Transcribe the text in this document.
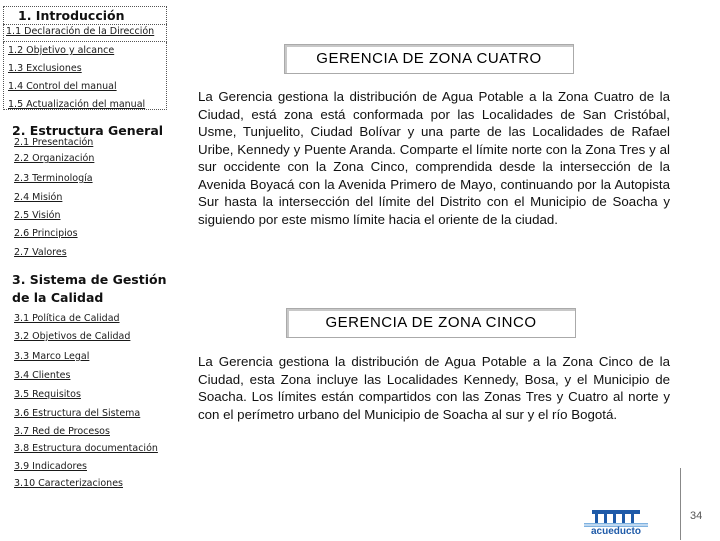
1. Introducción
1.1 Declaración de la Dirección
1.2 Objetivo y alcance
1.3 Exclusiones
1.4 Control del manual
1.5 Actualización del manual
2. Estructura General
2.1 Presentación
2.2 Organización
2.3 Terminología
2.4 Misión
2.5 Visión
2.6 Principios
2.7 Valores
3. Sistema de Gestión
de la Calidad
3.1 Política de Calidad
3.2 Objetivos de Calidad
3.3 Marco Legal
3.4 Clientes
3.5 Requisitos
3.6 Estructura del Sistema
3.7 Red de Procesos
3.8 Estructura documentación
3.9 Indicadores
3.10 Caracterizaciones
GERENCIA DE ZONA CUATRO
La Gerencia gestiona la distribución de Agua Potable a la Zona Cuatro de la Ciudad, está zona está conformada por las Localidades de San Cristóbal, Usme, Tunjuelito, Ciudad Bolívar y una parte de las Localidades de Rafael Uribe, Kennedy y Puente Aranda. Comparte el límite norte con la Zona Tres y al sur occidente con la Zona Cinco, comprendida desde la intersección de la Avenida Boyacá con la Avenida Primero de Mayo, continuando por la Autopista Sur hasta la intersección del límite del Distrito con el Municipio de Soacha y siguiendo por este mismo límite hacia el oriente de la ciudad.
GERENCIA DE ZONA CINCO
La Gerencia gestiona la distribución de Agua Potable a la Zona Cinco de la Ciudad, esta Zona incluye las Localidades Kennedy, Bosa, y el Municipio de Soacha. Los límites están compartidos con las Zonas Tres y Cuatro al norte y con el perímetro urbano del Municipio de Soacha al sur y el río Bogotá.
acueducto
34
